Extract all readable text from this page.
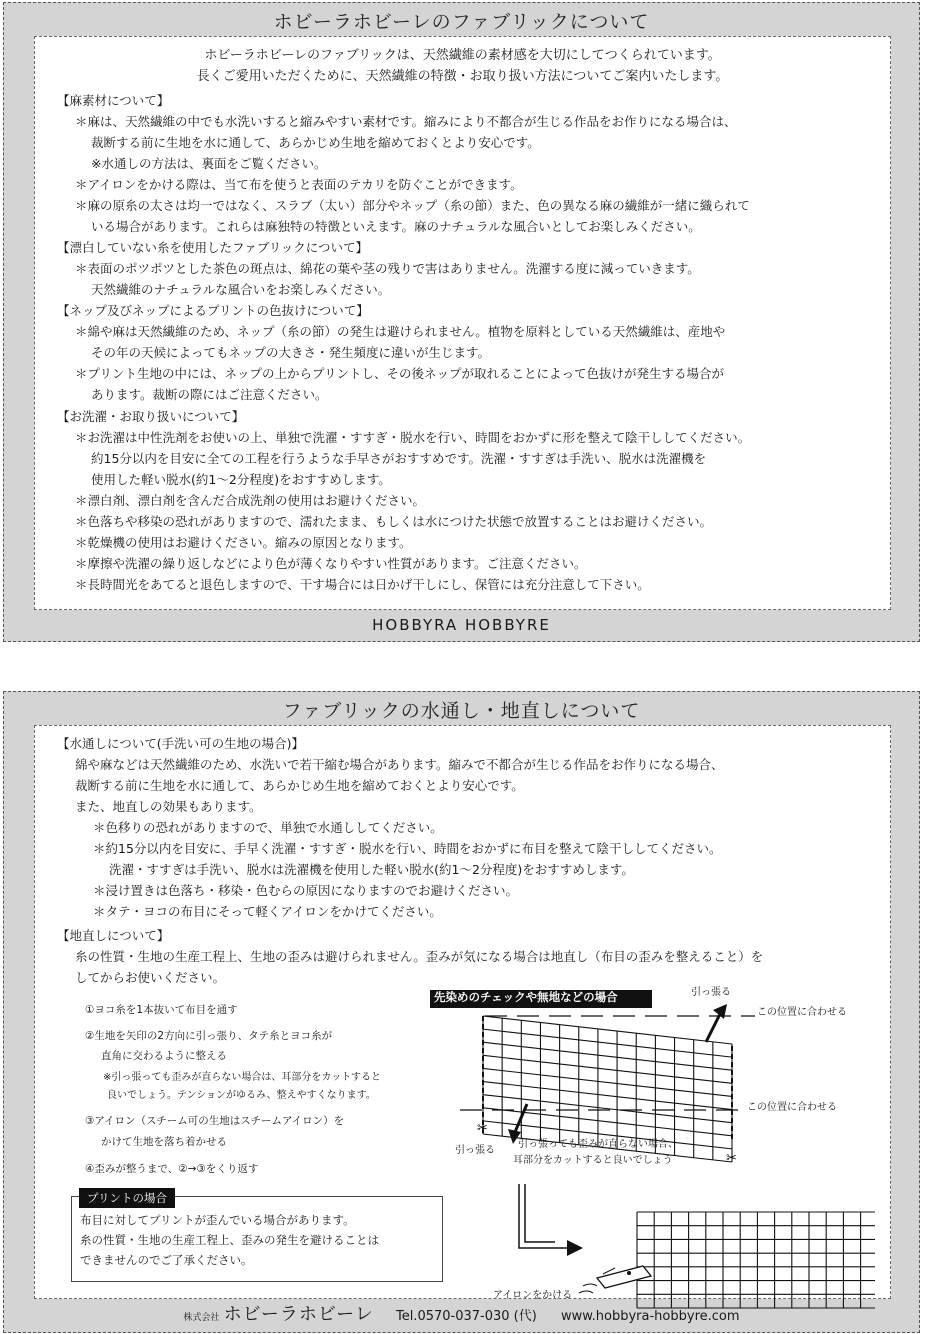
ホビーラホビーレのファブリックについて
ホビーラホビーレのファブリックは、天然繊維の素材感を大切にしてつくられています。
長くご愛用いただくために、天然繊維の特徴・お取り扱い方法についてご案内いたします。
【麻素材について】
＊麻は、天然繊維の中でも水洗いすると縮みやすい素材です。縮みにより不都合が生じる作品をお作りになる場合は、
裁断する前に生地を水に通して、あらかじめ生地を縮めておくとより安心です。
※水通しの方法は、裏面をご覧ください。
＊アイロンをかける際は、当て布を使うと表面のテカリを防ぐことができます。
＊麻の原糸の太さは均一ではなく、スラブ（太い）部分やネップ（糸の節）また、色の異なる麻の繊維が一緒に織られて
いる場合があります。これらは麻独特の特徴といえます。麻のナチュラルな風合いとしてお楽しみください。
【漂白していない糸を使用したファブリックについて】
＊表面のポツポツとした茶色の斑点は、綿花の葉や茎の残りで害はありません。洗濯する度に減っていきます。
天然繊維のナチュラルな風合いをお楽しみください。
【ネップ及びネップによるプリントの色抜けについて】
＊綿や麻は天然繊維のため、ネップ（糸の節）の発生は避けられません。植物を原料としている天然繊維は、産地や
その年の天候によってもネップの大きさ・発生頻度に違いが生じます。
＊プリント生地の中には、ネップの上からプリントし、その後ネップが取れることによって色抜けが発生する場合が
あります。裁断の際にはご注意ください。
【お洗濯・お取り扱いについて】
＊お洗濯は中性洗剤をお使いの上、単独で洗濯・すすぎ・脱水を行い、時間をおかずに形を整えて陰干ししてください。
約15分以内を目安に全ての工程を行うような手早さがおすすめです。洗濯・すすぎは手洗い、脱水は洗濯機を
使用した軽い脱水(約1～2分程度)をおすすめします。
＊漂白剤、漂白剤を含んだ合成洗剤の使用はお避けください。
＊色落ちや移染の恐れがありますので、濡れたまま、もしくは水につけた状態で放置することはお避けください。
＊乾燥機の使用はお避けください。縮みの原因となります。
＊摩擦や洗濯の繰り返しなどにより色が薄くなりやすい性質があります。ご注意ください。
＊長時間光をあてると退色しますので、干す場合には日かげ干しにし、保管には充分注意して下さい。
HOBBYRA HOBBYRE
ファブリックの水通し・地直しについて
【水通しについて(手洗い可の生地の場合)】
綿や麻などは天然繊維のため、水洗いで若干縮む場合があります。縮みで不都合が生じる作品をお作りになる場合、
裁断する前に生地を水に通して、あらかじめ生地を縮めておくとより安心です。
また、地直しの効果もあります。
＊色移りの恐れがありますので、単独で水通ししてください。
＊約15分以内を目安に、手早く洗濯・すすぎ・脱水を行い、時間をおかずに布目を整えて陰干ししてください。
洗濯・すすぎは手洗い、脱水は洗濯機を使用した軽い脱水(約1～2分程度)をおすすめします。
＊浸け置きは色落ち・移染・色むらの原因になりますのでお避けください。
＊タテ・ヨコの布目にそって軽くアイロンをかけてください。
【地直しについて】
糸の性質・生地の生産工程上、生地の歪みは避けられません。歪みが気になる場合は地直し（布目の歪みを整えること）を
してからお使いください。
①ヨコ糸を1本抜いて布目を通す
②生地を矢印の2方向に引っ張り、タテ糸とヨコ糸が
直角に交わるように整える
※引っ張っても歪みが直らない場合は、耳部分をカットすると
良いでしょう。テンションがゆるみ、整えやすくなります。
③アイロン（スチーム可の生地はスチームアイロン）を
かけて生地を落ち着かせる
④歪みが整うまで、②→③をくり返す
✂
✂
先染めのチェックや無地などの場合	引っ張る
この位置に合わせる
この位置に合わせる
引っ張る
引っ張っても歪みが直らない場合、
耳部分をカットすると良いでしょう
アイロンをかける
布目に対してプリントが歪んでいる場合があります。
糸の性質・生地の生産工程上、歪みの発生を避けることは
できませんのでご了承ください。
プリントの場合
株式会社 ホビーラホビーレ Tel.0570-037-030 (代) www.hobbyra-hobbyre.com
